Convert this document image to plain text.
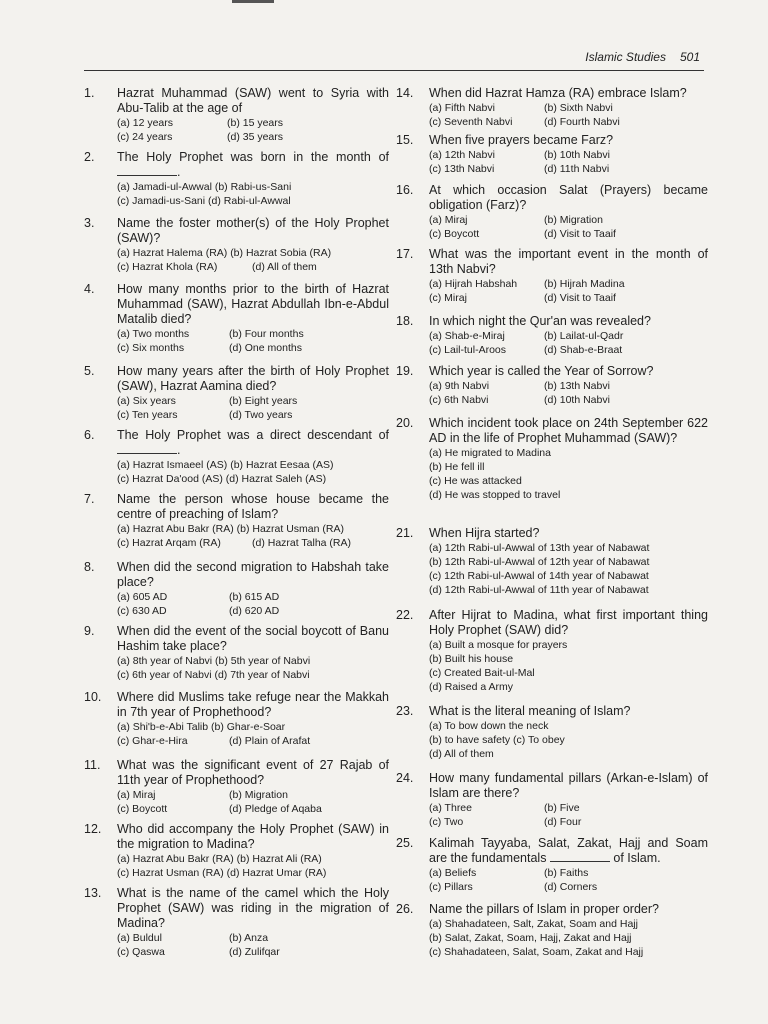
Islamic Studies 501
1. Hazrat Muhammad (SAW) went to Syria with Abu-Talib at the age of
(a) 12 years	(b) 15 years
(c) 24 years	(d) 35 years
2. The Holy Prophet was born in the month of .
(a) Jamadi-ul-Awwal (b) Rabi-us-Sani
(c) Jamadi-us-Sani (d) Rabi-ul-Awwal
3. Name the foster mother(s) of the Holy Prophet (SAW)?
(a) Hazrat Halema (RA) (b) Hazrat Sobia (RA)
(c) Hazrat Khola (RA)	(d) All of them
4. How many months prior to the birth of Hazrat Muhammad (SAW), Hazrat Abdullah Ibn-e-Abdul Matalib died?
(a) Two months	(b) Four months
(c) Six months	(d) One months
5. How many years after the birth of Holy Prophet (SAW), Hazrat Aamina died?
(a) Six years	(b) Eight years
(c) Ten years	(d) Two years
6. The Holy Prophet was a direct descendant of .
(a) Hazrat Ismaeel (AS) (b) Hazrat Eesaa (AS)
(c) Hazrat Da'ood (AS) (d) Hazrat Saleh (AS)
7. Name the person whose house became the centre of preaching of Islam?
(a) Hazrat Abu Bakr (RA) (b) Hazrat Usman (RA)
(c) Hazrat Arqam (RA)	(d) Hazrat Talha (RA)
8. When did the second migration to Habshah take place?
(a) 605 AD	(b) 615 AD
(c) 630 AD	(d) 620 AD
9. When did the event of the social boycott of Banu Hashim take place?
(a) 8th year of Nabvi (b) 5th year of Nabvi
(c) 6th year of Nabvi (d) 7th year of Nabvi
10. Where did Muslims take refuge near the Makkah in 7th year of Prophethood?
(a) Shi'b-e-Abi Talib (b) Ghar-e-Soar
(c) Ghar-e-Hira	(d) Plain of Arafat
11. What was the significant event of 27 Rajab of 11th year of Prophethood?
(a) Miraj	(b) Migration
(c) Boycott	(d) Pledge of Aqaba
12. Who did accompany the Holy Prophet (SAW) in the migration to Madina?
(a) Hazrat Abu Bakr (RA) (b) Hazrat Ali (RA)
(c) Hazrat Usman (RA) (d) Hazrat Umar (RA)
13. What is the name of the camel which the Holy Prophet (SAW) was riding in the migration of Madina?
(a) Buldul	(b) Anza
(c) Qaswa	(d) Zulifqar
14. When did Hazrat Hamza (RA) embrace Islam?
(a) Fifth Nabvi	(b) Sixth Nabvi
(c) Seventh Nabvi	(d) Fourth Nabvi
15. When five prayers became Farz?
(a) 12th Nabvi	(b) 10th Nabvi
(c) 13th Nabvi	(d) 11th Nabvi
16. At which occasion Salat (Prayers) became obligation (Farz)?
(a) Miraj	(b) Migration
(c) Boycott	(d) Visit to Taaif
17. What was the important event in the month of 13th Nabvi?
(a) Hijrah Habshah	(b) Hijrah Madina
(c) Miraj	(d) Visit to Taaif
18. In which night the Qur'an was revealed?
(a) Shab-e-Miraj	(b) Lailat-ul-Qadr
(c) Lail-tul-Aroos	(d) Shab-e-Braat
19. Which year is called the Year of Sorrow?
(a) 9th Nabvi	(b) 13th Nabvi
(c) 6th Nabvi	(d) 10th Nabvi
20. Which incident took place on 24th September 622 AD in the life of Prophet Muhammad (SAW)?
(a) He migrated to Madina
(b) He fell ill
(c) He was attacked
(d) He was stopped to travel
21. When Hijra started?
(a) 12th Rabi-ul-Awwal of 13th year of Nabawat
(b) 12th Rabi-ul-Awwal of 12th year of Nabawat
(c) 12th Rabi-ul-Awwal of 14th year of Nabawat
(d) 12th Rabi-ul-Awwal of 11th year of Nabawat
22. After Hijrat to Madina, what first important thing Holy Prophet (SAW) did?
(a) Built a mosque for prayers
(b) Built his house
(c) Created Bait-ul-Mal
(d) Raised a Army
23. What is the literal meaning of Islam?
(a) To bow down the neck
(b) to have safety (c) To obey
(d) All of them
24. How many fundamental pillars (Arkan-e-Islam) of Islam are there?
(a) Three	(b) Five
(c) Two	(d) Four
25. Kalimah Tayyaba, Salat, Zakat, Hajj and Soam are the fundamentals	of Islam.
(a) Beliefs	(b) Faiths
(c) Pillars	(d) Corners
26. Name the pillars of Islam in proper order?
(a) Shahadateen, Salt, Zakat, Soam and Hajj
(b) Salat, Zakat, Soam, Hajj, Zakat and Hajj
(c) Shahadateen, Salat, Soam, Zakat and Hajj
